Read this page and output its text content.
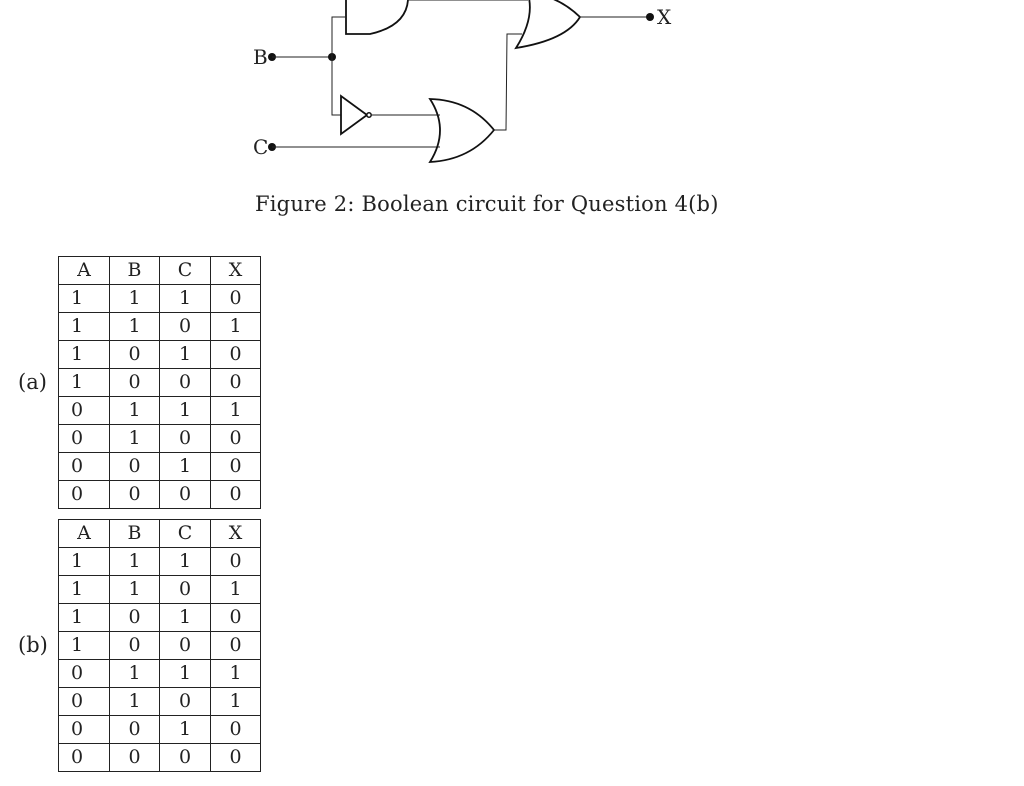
B
C
X
Figure 2: Boolean circuit for Question 4(b)
(a)
A	B	C	X
1	1	1	0
1	1	0	1
1	0	1	0
1	0	0	0
0	1	1	1
0	1	0	0
0	0	1	0
0	0	0	0
(b)
A	B	C	X
1	1	1	0
1	1	0	1
1	0	1	0
1	0	0	0
0	1	1	1
0	1	0	1
0	0	1	0
0	0	0	0
